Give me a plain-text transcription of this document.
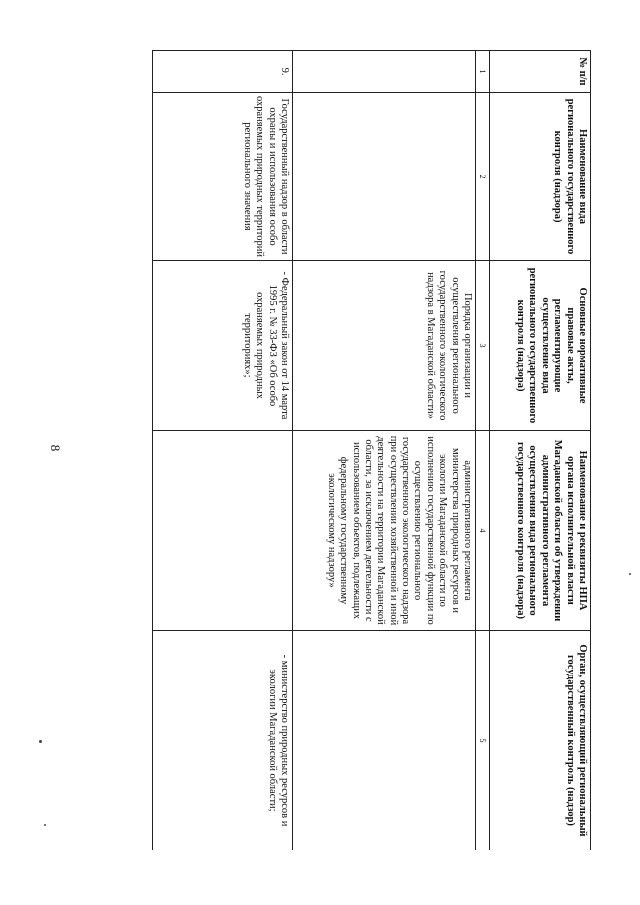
8
№ п/п	Наименование вида регионального государственного контроля (надзора)	Основные нормативные правовые акты, регламентирующие осуществление вида регионального государственного контроля (надзора)	Наименование и реквизиты НПА органа исполнительной власти Магаданской области об утверждении административного регламента осуществления вида регионального государственного контроля (надзора)	Орган, осуществляющий региональный государственный контроль (надзор)
1	2	3	4	5
		Порядка организации и осуществления регионального государственного экологического надзора в Магаданской области»	административного регламента министерства природных ресурсов и экологии Магаданской области по исполнению государственной функции по осуществлению регионального государственного экологического надзора при осуществлении хозяйственной и иной деятельности на территории Магаданской области, за исключением деятельности с использованием объектов, подлежащих федеральному государственному экологическому надзору»	
9.	Государственный надзор в области охраны и использования особо охраняемых природных территорий регионального значения	- Федеральный закон от 14 марта 1995 г. № 33-ФЗ «Об особо охраняемых природных территориях»;		- министерство природных ресурсов и экологии Магаданской области;
